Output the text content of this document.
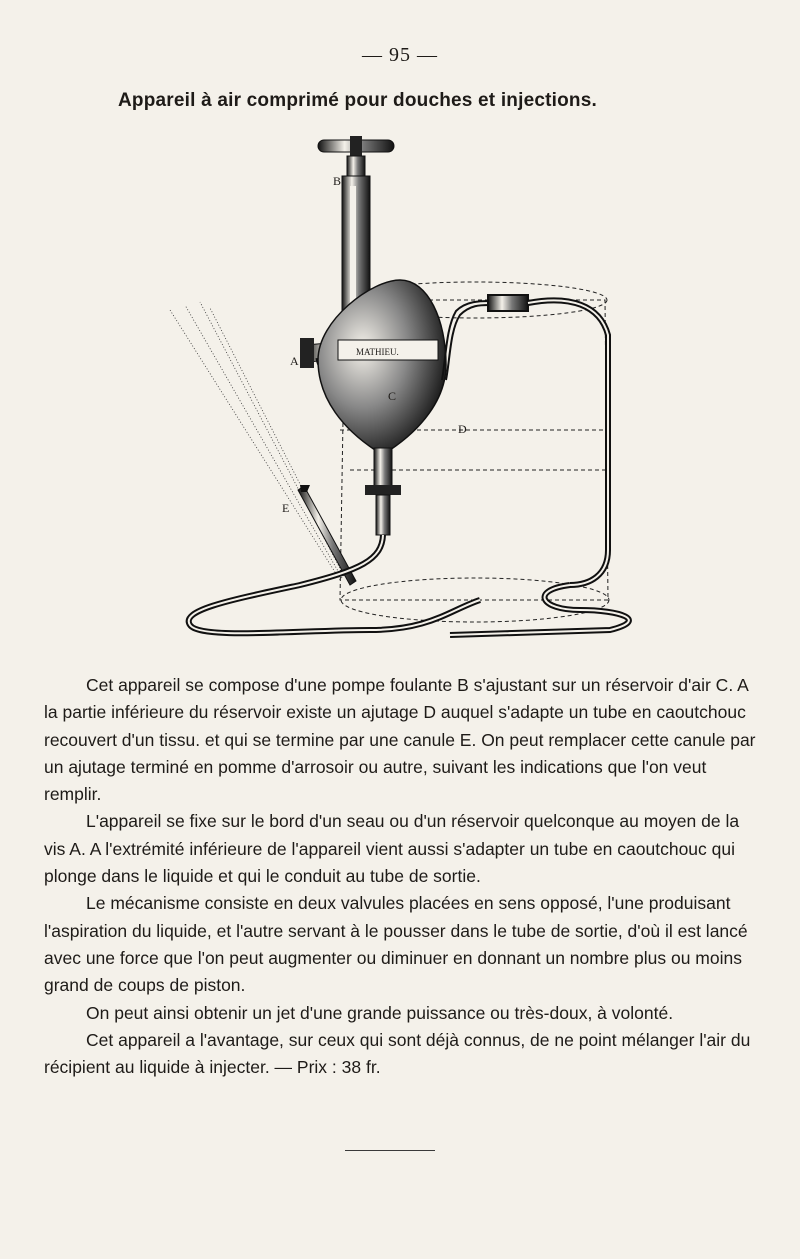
— 95 —
Appareil à air comprimé pour douches et injections.
B
A
C
D
E
MATHIEU.

Cet appareil se compose d'une pompe foulante B s'ajustant sur un réservoir d'air C. A la partie inférieure du réservoir existe un ajutage D auquel s'adapte un tube en caoutchouc recouvert d'un tissu. et qui se termine par une canule E. On peut remplacer cette canule par un ajutage terminé en pomme d'arrosoir ou autre, suivant les indications que l'on veut remplir.

L'appareil se fixe sur le bord d'un seau ou d'un réservoir quelconque au moyen de la vis A. A l'extrémité inférieure de l'appareil vient aussi s'adapter un tube en caoutchouc qui plonge dans le liquide et qui le conduit au tube de sortie.

Le mécanisme consiste en deux valvules placées en sens opposé, l'une produisant l'aspiration du liquide, et l'autre servant à le pousser dans le tube de sortie, d'où il est lancé avec une force que l'on peut augmenter ou diminuer en donnant un nombre plus ou moins grand de coups de piston.

On peut ainsi obtenir un jet d'une grande puissance ou très-doux, à volonté.

Cet appareil a l'avantage, sur ceux qui sont déjà connus, de ne point mélanger l'air du récipient au liquide à injecter. — Prix : 38 fr.
